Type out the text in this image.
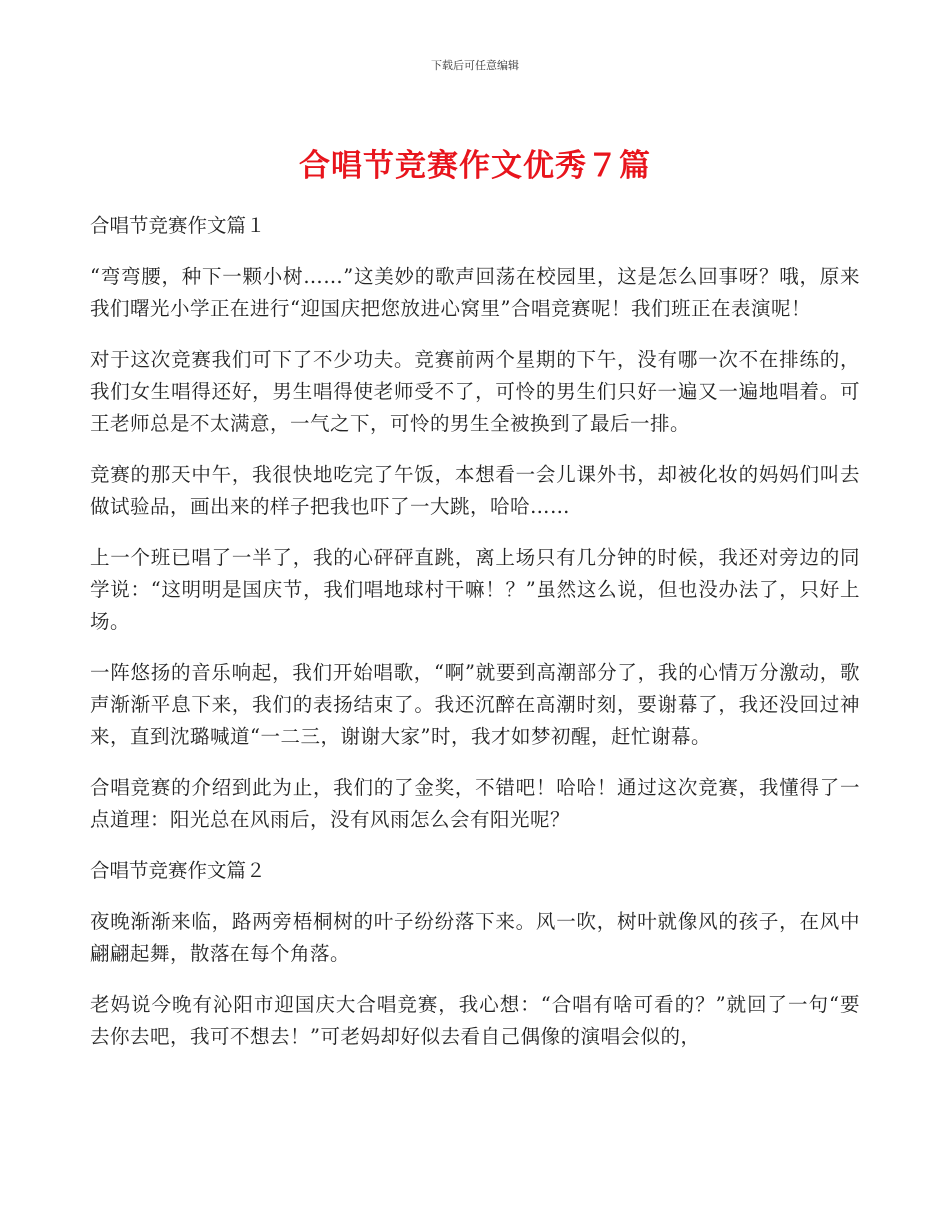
下载后可任意编辑
合唱节竞赛作文优秀７篇
合唱节竞赛作文篇１

“弯弯腰，种下一颗小树……”这美妙的歌声回荡在校园里，这是怎么回事呀？哦，原来我们曙光小学正在进行“迎国庆把您放进心窝里”合唱竞赛呢！我们班正在表演呢！

对于这次竞赛我们可下了不少功夫。竞赛前两个星期的下午，没有哪一次不在排练的，我们女生唱得还好，男生唱得使老师受不了，可怜的男生们只好一遍又一遍地唱着。可王老师总是不太满意，一气之下，可怜的男生全被换到了最后一排。

竞赛的那天中午，我很快地吃完了午饭，本想看一会儿课外书，却被化妆的妈妈们叫去做试验品，画出来的样子把我也吓了一大跳，哈哈……

上一个班已唱了一半了，我的心砰砰直跳，离上场只有几分钟的时候，我还对旁边的同学说：“这明明是国庆节，我们唱地球村干嘛！？”虽然这么说，但也没办法了，只好上场。

一阵悠扬的音乐响起，我们开始唱歌，“啊”就要到高潮部分了，我的心情万分激动，歌声渐渐平息下来，我们的表扬结束了。我还沉醉在高潮时刻，要谢幕了，我还没回过神来，直到沈璐喊道“一二三，谢谢大家”时，我才如梦初醒，赶忙谢幕。

合唱竞赛的介绍到此为止，我们的了金奖，不错吧！哈哈！通过这次竞赛，我懂得了一点道理：阳光总在风雨后，没有风雨怎么会有阳光呢？

合唱节竞赛作文篇２

夜晚渐渐来临，路两旁梧桐树的叶子纷纷落下来。风一吹，树叶就像风的孩子，在风中翩翩起舞，散落在每个角落。

老妈说今晚有沁阳市迎国庆大合唱竞赛，我心想：“合唱有啥可看的？”就回了一句“要去你去吧，我可不想去！”可老妈却好似去看自己偶像的演唱会似的，
